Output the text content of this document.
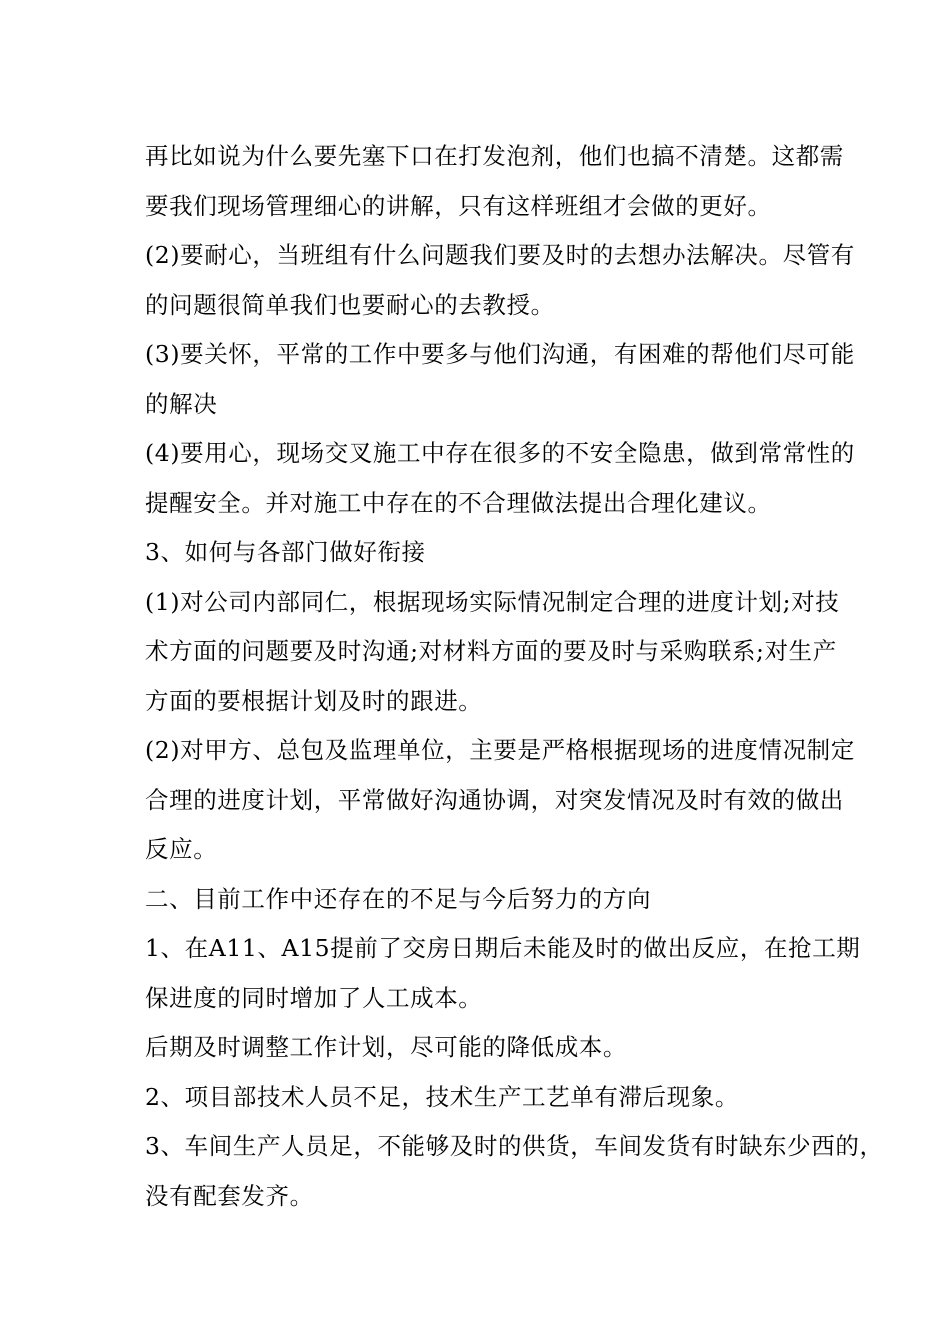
再比如说为什么要先塞下口在打发泡剂，他们也搞不清楚。这都需
要我们现场管理细心的讲解，只有这样班组才会做的更好。
(2)要耐心，当班组有什么问题我们要及时的去想办法解决。尽管有
的问题很简单我们也要耐心的去教授。
(3)要关怀，平常的工作中要多与他们沟通，有困难的帮他们尽可能
的解决
(4)要用心，现场交叉施工中存在很多的不安全隐患，做到常常性的
提醒安全。并对施工中存在的不合理做法提出合理化建议。
3、如何与各部门做好衔接
(1)对公司内部同仁，根据现场实际情况制定合理的进度计划;对技
术方面的问题要及时沟通;对材料方面的要及时与采购联系;对生产
方面的要根据计划及时的跟进。
(2)对甲方、总包及监理单位，主要是严格根据现场的进度情况制定
合理的进度计划，平常做好沟通协调，对突发情况及时有效的做出
反应。
二、目前工作中还存在的不足与今后努力的方向
1、在A11、A15提前了交房日期后未能及时的做出反应，在抢工期
保进度的同时增加了人工成本。
后期及时调整工作计划，尽可能的降低成本。
2、项目部技术人员不足，技术生产工艺单有滞后现象。
3、车间生产人员足，不能够及时的供货，车间发货有时缺东少西的，
没有配套发齐。
